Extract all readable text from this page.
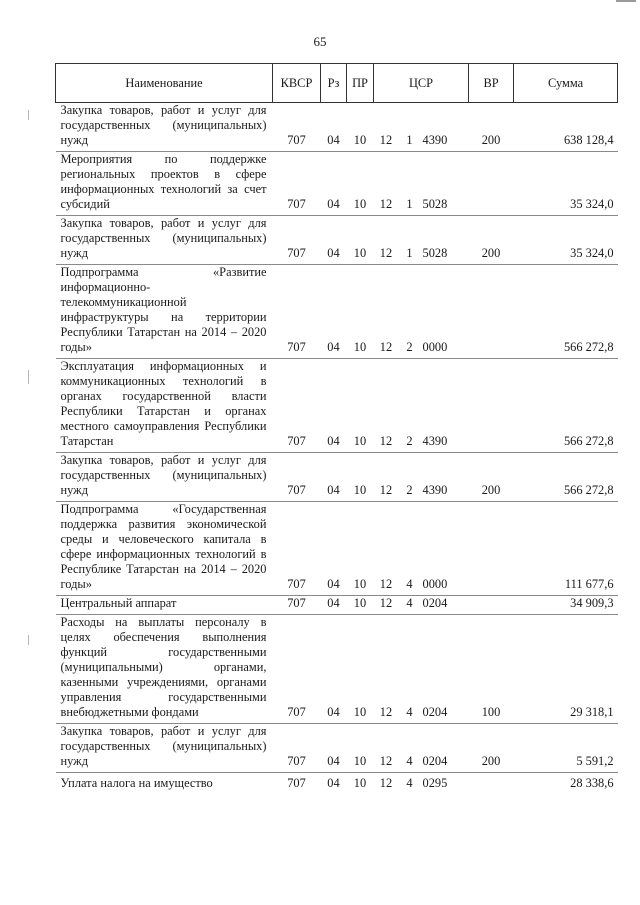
65
Наименование	КВСР	Рз	ПР	ЦСР			ВР	Сумма
Закупка товаров, работ и услуг для государственных (муниципальных) нужд	707	04	10	12	1	4390	200	638 128,4
Мероприятия по поддержке региональных проектов в сфере информационных технологий за счет субсидий	707	04	10	12	1	5028		35 324,0
Закупка товаров, работ и услуг для государственных (муниципальных) нужд	707	04	10	12	1	5028	200	35 324,0
Подпрограмма «Развитие информационно-телекоммуникационной инфраструктуры на территории Республики Татарстан на 2014 – 2020 годы»	707	04	10	12	2	0000		566 272,8
Эксплуатация информационных и коммуникационных технологий в органах государственной власти Республики Татарстан и органах местного самоуправления Республики Татарстан	707	04	10	12	2	4390		566 272,8
Закупка товаров, работ и услуг для государственных (муниципальных) нужд	707	04	10	12	2	4390	200	566 272,8
Подпрограмма «Государственная поддержка развития экономической среды и человеческого капитала в сфере информационных технологий в Республике Татарстан на 2014 – 2020 годы»	707	04	10	12	4	0000		111 677,6
Центральный аппарат	707	04	10	12	4	0204		34 909,3
Расходы на выплаты персоналу в целях обеспечения выполнения функций государственными (муниципальными) органами, казенными учреждениями, органами управления государственными внебюджетными фондами	707	04	10	12	4	0204	100	29 318,1
Закупка товаров, работ и услуг для государственных (муниципальных) нужд	707	04	10	12	4	0204	200	5 591,2
Уплата налога на имущество	707	04	10	12	4	0295		28 338,6
